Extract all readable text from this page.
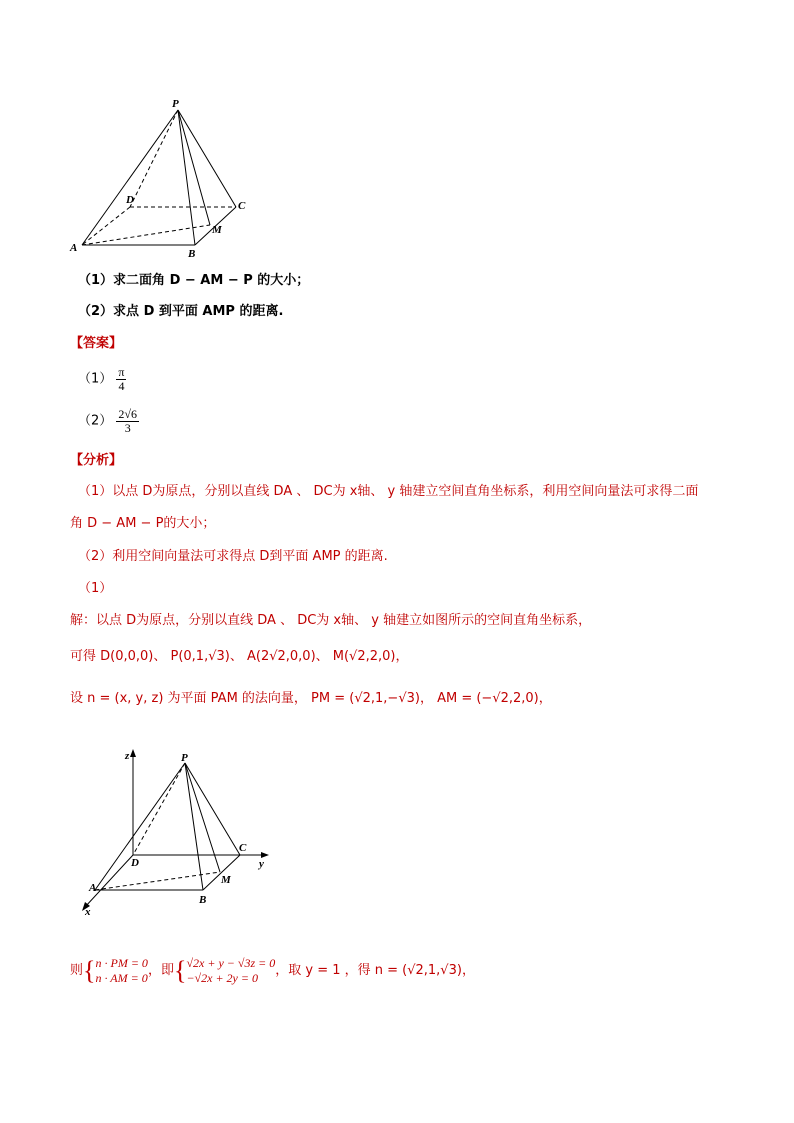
P
D	C
M
A	B
（1）求二面角 D − AM − P 的大小；
（2）求点 D 到平面 AMP 的距离.
【答案】
$(1) \frac{\pi}{4}$
$(2) \frac{2√6}{3}$
【分析】
（1）以点 D为原点，分别以直线 DA 、 DC为 x轴、 y 轴建立空间直角坐标系，利用空间向量法可求得二面
角 D − AM − P的大小；
（2）利用空间向量法可求得点 D到平面 AMP 的距离.
（1）
解：以点 D为原点，分别以直线 DA 、 DC为 x轴、 y 轴建立如图所示的空间直角坐标系，
可得 D(0,0,0)、 P(0,1,√3)、 A(2√2,0,0)、 M(√2,2,0)，
设 n = (x, y, z) 为平面 PAM 的法向量， PM = (√2,1,−√3)， AM = (−√2,2,0)，
z	P
D
C
y
A
M
B
x
则 { n · PM = 0
n · AM = 0 ，即 { √2x + y − √3z = 0
−√2x + 2y = 0	，取 y = 1 ，得 n = (√2,1,√3)，
